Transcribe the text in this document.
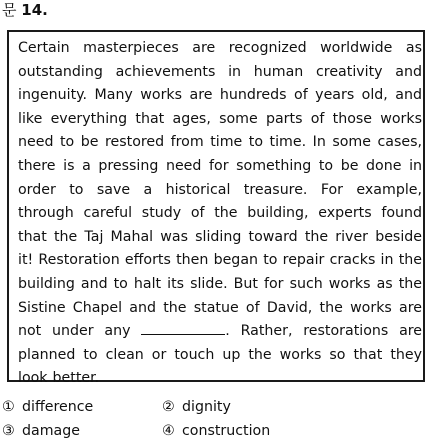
문 14.
Certain masterpieces are recognized worldwide as outstanding achievements in human creativity and ingenuity. Many works are hundreds of years old, and like everything that ages, some parts of those works need to be restored from time to time. In some cases, there is a pressing need for something to be done in order to save a historical treasure. For example, through careful study of the building, experts found that the Taj Mahal was sliding toward the river beside it! Restoration efforts then began to repair cracks in the building and to halt its slide. But for such works as the Sistine Chapel and the statue of David, the works are not under any	. Rather, restorations are planned to clean or touch up the works so that they look better.
① difference	② dignity
③ damage	④ construction
